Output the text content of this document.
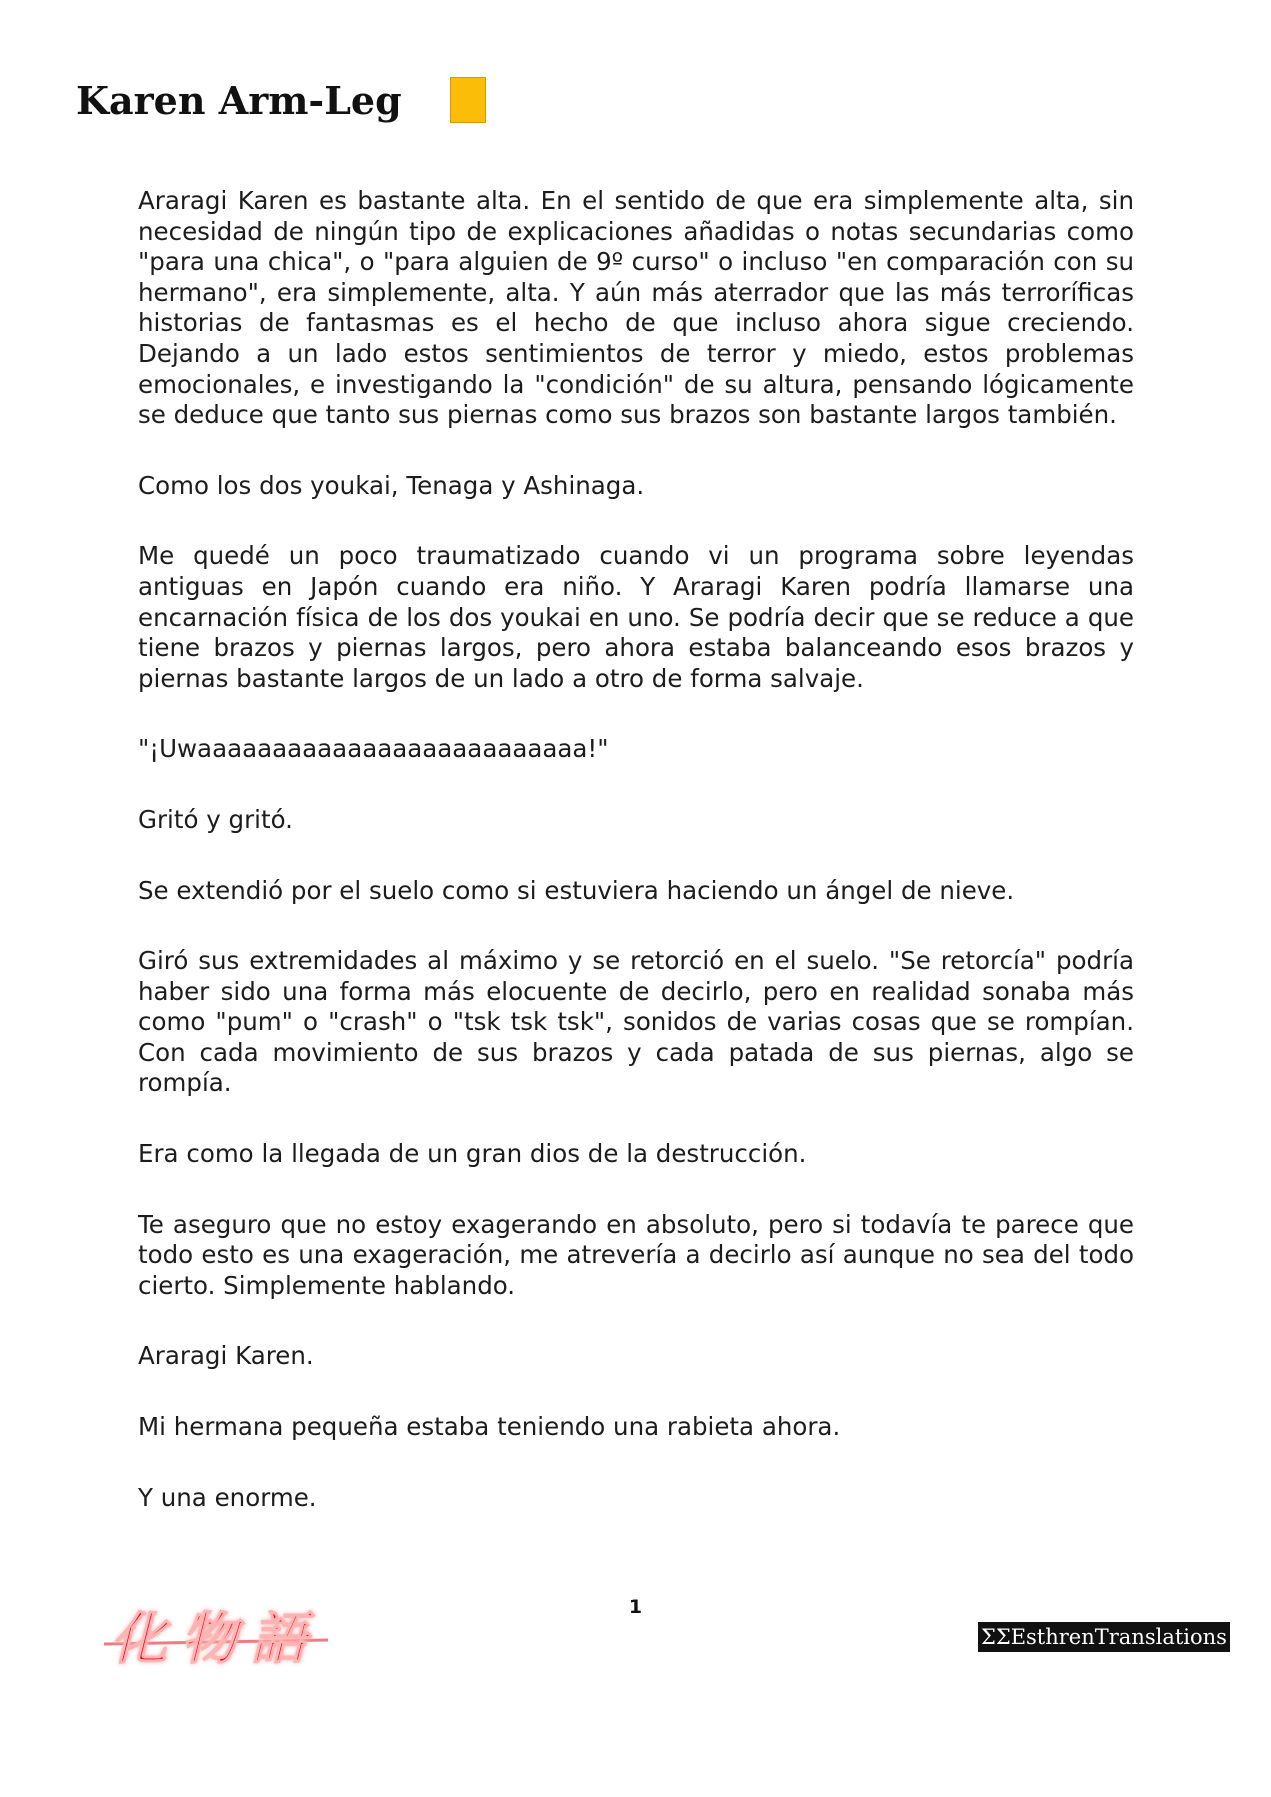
Karen Arm-Leg

Araragi Karen es bastante alta. En el sentido de que era simplemente alta, sin necesidad de ningún tipo de explicaciones añadidas o notas secundarias como "para una chica", o "para alguien de 9º curso" o incluso "en comparación con su hermano", era simplemente, alta. Y aún más aterrador que las más terroríficas historias de fantasmas es el hecho de que incluso ahora sigue creciendo. Dejando a un lado estos sentimientos de terror y miedo, estos problemas emocionales, e investigando la "condición" de su altura, pensando lógicamente se deduce que tanto sus piernas como sus brazos son bastante largos también.

Como los dos youkai, Tenaga y Ashinaga.

Me quedé un poco traumatizado cuando vi un programa sobre leyendas antiguas en Japón cuando era niño. Y Araragi Karen podría llamarse una encarnación física de los dos youkai en uno. Se podría decir que se reduce a que tiene brazos y piernas largos, pero ahora estaba balanceando esos brazos y piernas bastante largos de un lado a otro de forma salvaje.

"¡Uwaaaaaaaaaaaaaaaaaaaaaaaaaa!"

Gritó y gritó.

Se extendió por el suelo como si estuviera haciendo un ángel de nieve.

Giró sus extremidades al máximo y se retorció en el suelo. "Se retorcía" podría haber sido una forma más elocuente de decirlo, pero en realidad sonaba más como "pum" o "crash" o "tsk tsk tsk", sonidos de varias cosas que se rompían. Con cada movimiento de sus brazos y cada patada de sus piernas, algo se rompía.

Era como la llegada de un gran dios de la destrucción.

Te aseguro que no estoy exagerando en absoluto, pero si todavía te parece que todo esto es una exageración, me atrevería a decirlo así aunque no sea del todo cierto. Simplemente hablando.

Araragi Karen.

Mi hermana pequeña estaba teniendo una rabieta ahora.

Y una enorme.

1
化物語	ΣΣEsthrenTranslations
